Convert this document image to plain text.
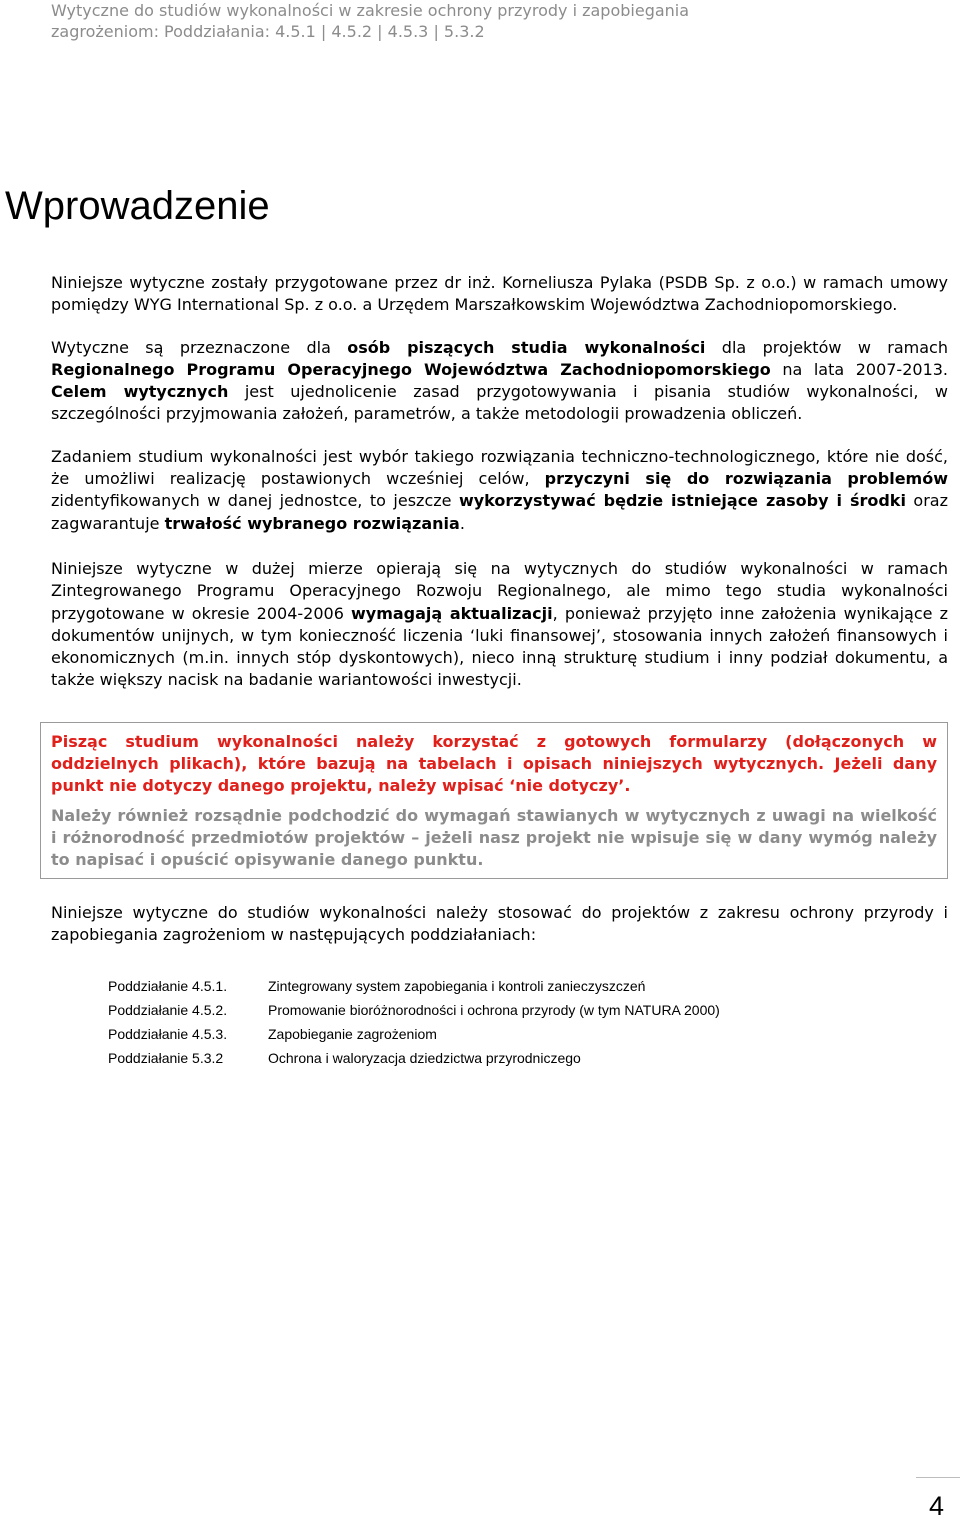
Wytyczne do studiów wykonalności w zakresie ochrony przyrody i zapobiegania
zagrożeniom: Poddziałania: 4.5.1 | 4.5.2 | 4.5.3 | 5.3.2
Wprowadzenie

Niniejsze wytyczne zostały przygotowane przez dr inż. Korneliusza Pylaka (PSDB Sp. z o.o.) w ramach umowy pomiędzy WYG International Sp. z o.o. a Urzędem Marszałkowskim Województwa Zachodniopomorskiego.

Wytyczne są przeznaczone dla osób piszących studia wykonalności dla projektów w ramach Regionalnego Programu Operacyjnego Województwa Zachodniopomorskiego na lata 2007-2013. Celem wytycznych jest ujednolicenie zasad przygotowywania i pisania studiów wykonalności, w szczególności przyjmowania założeń, parametrów, a także metodologii prowadzenia obliczeń.

Zadaniem studium wykonalności jest wybór takiego rozwiązania techniczno-technologicznego, które nie dość, że umożliwi realizację postawionych wcześniej celów, przyczyni się do rozwiązania problemów zidentyfikowanych w danej jednostce, to jeszcze wykorzystywać będzie istniejące zasoby i środki oraz zagwarantuje trwałość wybranego rozwiązania.

Niniejsze wytyczne w dużej mierze opierają się na wytycznych do studiów wykonalności w ramach Zintegrowanego Programu Operacyjnego Rozwoju Regionalnego, ale mimo tego studia wykonalności przygotowane w okresie 2004-2006 wymagają aktualizacji, ponieważ przyjęto inne założenia wynikające z dokumentów unijnych, w tym konieczność liczenia ‘luki finansowej’, stosowania innych założeń finansowych i ekonomicznych (m.in. innych stóp dyskontowych), nieco inną strukturę studium i inny podział dokumentu, a także większy nacisk na badanie wariantowości inwestycji.

Pisząc studium wykonalności należy korzystać z gotowych formularzy (dołączonych w oddzielnych plikach), które bazują na tabelach i opisach niniejszych wytycznych. Jeżeli dany punkt nie dotyczy danego projektu, należy wpisać ‘nie dotyczy’.

Należy również rozsądnie podchodzić do wymagań stawianych w wytycznych z uwagi na wielkość i różnorodność przedmiotów projektów – jeżeli nasz projekt nie wpisuje się w dany wymóg należy to napisać i opuścić opisywanie danego punktu.

Niniejsze wytyczne do studiów wykonalności należy stosować do projektów z zakresu ochrony przyrody i zapobiegania zagrożeniom w następujących poddziałaniach:

Poddziałanie 4.5.1.	Zintegrowany system zapobiegania i kontroli zanieczyszczeń
Poddziałanie 4.5.2.	Promowanie bioróżnorodności i ochrona przyrody (w tym NATURA 2000)
Poddziałanie 4.5.3.	Zapobieganie zagrożeniom
Poddziałanie 5.3.2	Ochrona i waloryzacja dziedzictwa przyrodniczego
4
